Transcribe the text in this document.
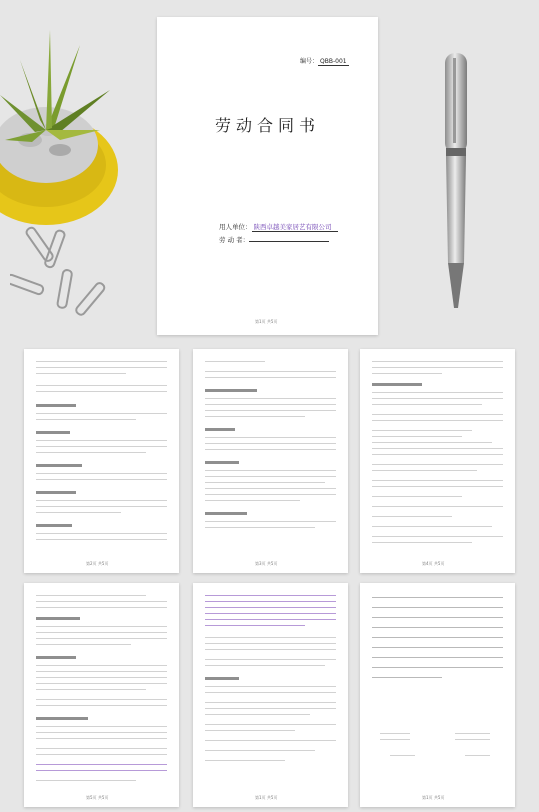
编号： QBB-001
劳动合同书
用人单位： 陕西卓越美家居艺有限公司
劳 动 者：
第1页 共5页
第2页 共5页	第3页 共5页	第4页 共5页
第5页 共5页	第1页 共5页	第1页 共5页
